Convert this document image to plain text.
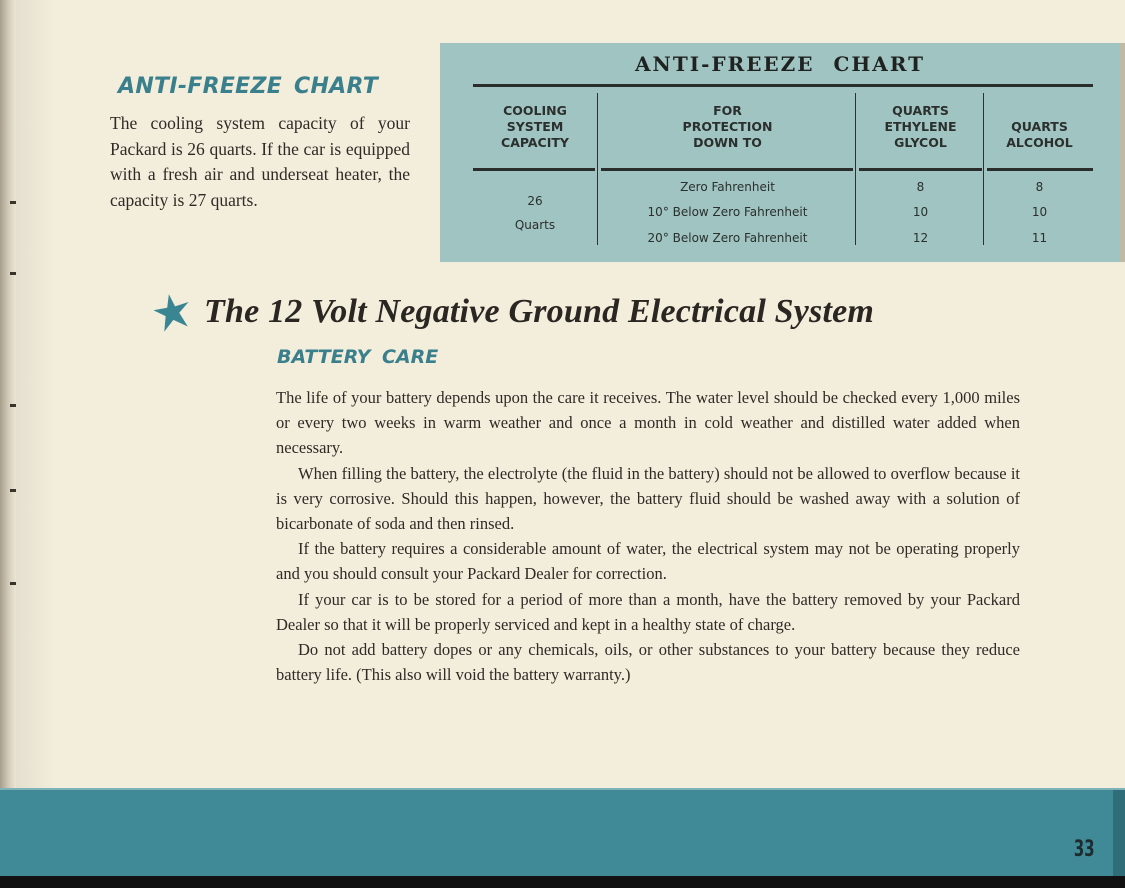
ANTI-FREEZE CHART

The cooling system capacity of your Packard is 26 quarts. If the car is equipped with a fresh air and underseat heater, the capacity is 27 quarts.

ANTI-FREEZE CHART
COOLING
SYSTEM
CAPACITY
FOR
PROTECTION
DOWN TO
QUARTS
ETHYLENE
GLYCOL
QUARTS
ALCOHOL
26
Quarts
Zero Fahrenheit
10° Below Zero Fahrenheit
20° Below Zero Fahrenheit
8
10
12
8
10
11
The 12 Volt Negative Ground Electrical System
BATTERY CARE

The life of your battery depends upon the care it receives. The water level should be checked every 1,000 miles or every two weeks in warm weather and once a month in cold weather and distilled water added when necessary.

When filling the battery, the electrolyte (the fluid in the battery) should not be allowed to overflow because it is very corrosive. Should this happen, however, the battery fluid should be washed away with a solution of bicarbonate of soda and then rinsed.

If the battery requires a considerable amount of water, the electrical system may not be operating properly and you should consult your Packard Dealer for correction.

If your car is to be stored for a period of more than a month, have the battery removed by your Packard Dealer so that it will be properly serviced and kept in a healthy state of charge.

Do not add battery dopes or any chemicals, oils, or other substances to your battery because they reduce battery life. (This also will void the battery warranty.)

33
